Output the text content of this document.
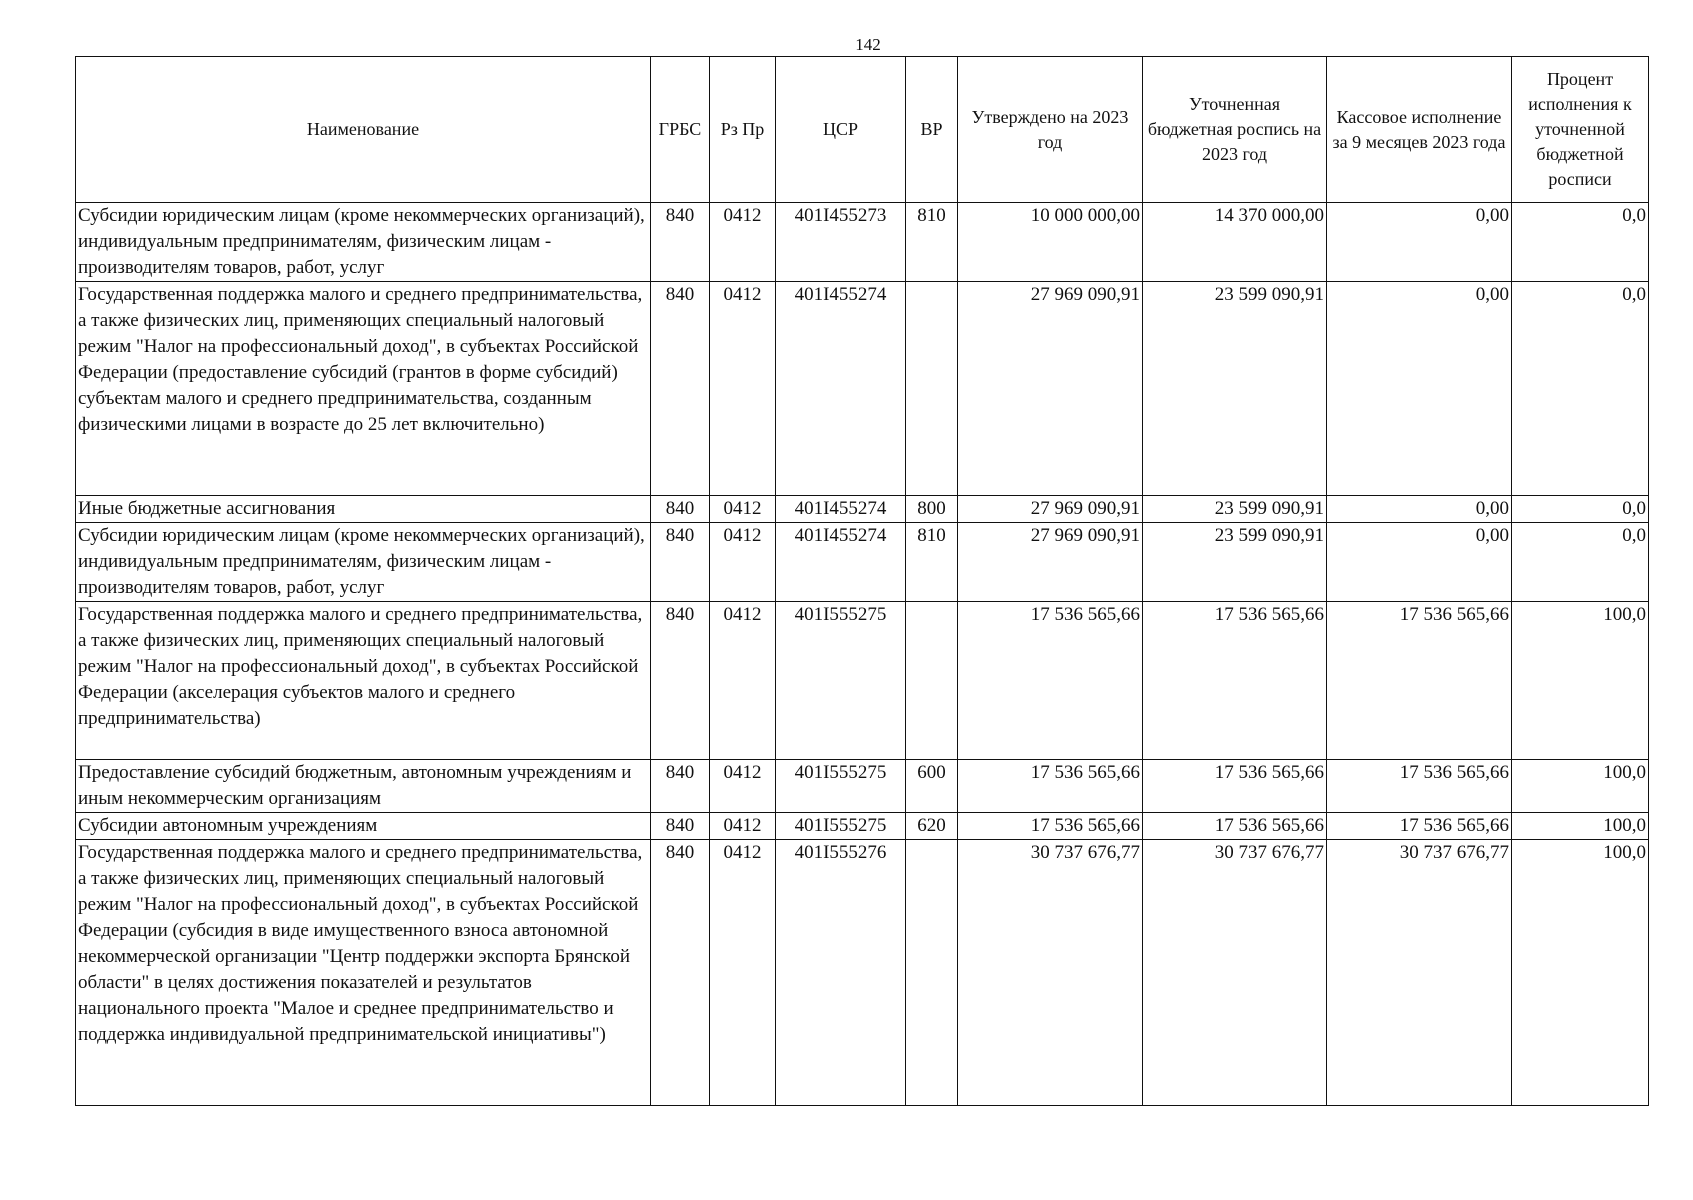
142
Наименование	ГРБС	Рз Пр	ЦСР	ВР	Утверждено на 2023 год	Уточненная бюджетная роспись на 2023 год	Кассовое исполнение за 9 месяцев 2023 года	Процент исполнения к уточненной бюджетной росписи
Субсидии юридическим лицам (кроме некоммерческих организаций), индивидуальным предпринимателям, физическим лицам - производителям товаров, работ, услуг	840	0412	401I455273	810	10 000 000,00	14 370 000,00	0,00	0,0
Государственная поддержка малого и среднего предпринимательства, а также физических лиц, применяющих специальный налоговый режим "Налог на профессиональный доход", в субъектах Российской Федерации (предоставление субсидий (грантов в форме субсидий) субъектам малого и среднего предпринимательства, созданным физическими лицами в возрасте до 25 лет включительно)	840	0412	401I455274		27 969 090,91	23 599 090,91	0,00	0,0
Иные бюджетные ассигнования	840	0412	401I455274	800	27 969 090,91	23 599 090,91	0,00	0,0
Субсидии юридическим лицам (кроме некоммерческих организаций), индивидуальным предпринимателям, физическим лицам - производителям товаров, работ, услуг	840	0412	401I455274	810	27 969 090,91	23 599 090,91	0,00	0,0
Государственная поддержка малого и среднего предпринимательства, а также физических лиц, применяющих специальный налоговый режим "Налог на профессиональный доход", в субъектах Российской Федерации (акселерация субъектов малого и среднего предпринимательства)	840	0412	401I555275		17 536 565,66	17 536 565,66	17 536 565,66	100,0
Предоставление субсидий бюджетным, автономным учреждениям и иным некоммерческим организациям	840	0412	401I555275	600	17 536 565,66	17 536 565,66	17 536 565,66	100,0
Субсидии автономным учреждениям	840	0412	401I555275	620	17 536 565,66	17 536 565,66	17 536 565,66	100,0
Государственная поддержка малого и среднего предпринимательства, а также физических лиц, применяющих специальный налоговый режим "Налог на профессиональный доход", в субъектах Российской Федерации (субсидия в виде имущественного взноса автономной некоммерческой организации "Центр поддержки экспорта Брянской области" в целях достижения показателей и результатов национального проекта "Малое и среднее предпринимательство и поддержка индивидуальной предпринимательской инициативы")	840	0412	401I555276		30 737 676,77	30 737 676,77	30 737 676,77	100,0
